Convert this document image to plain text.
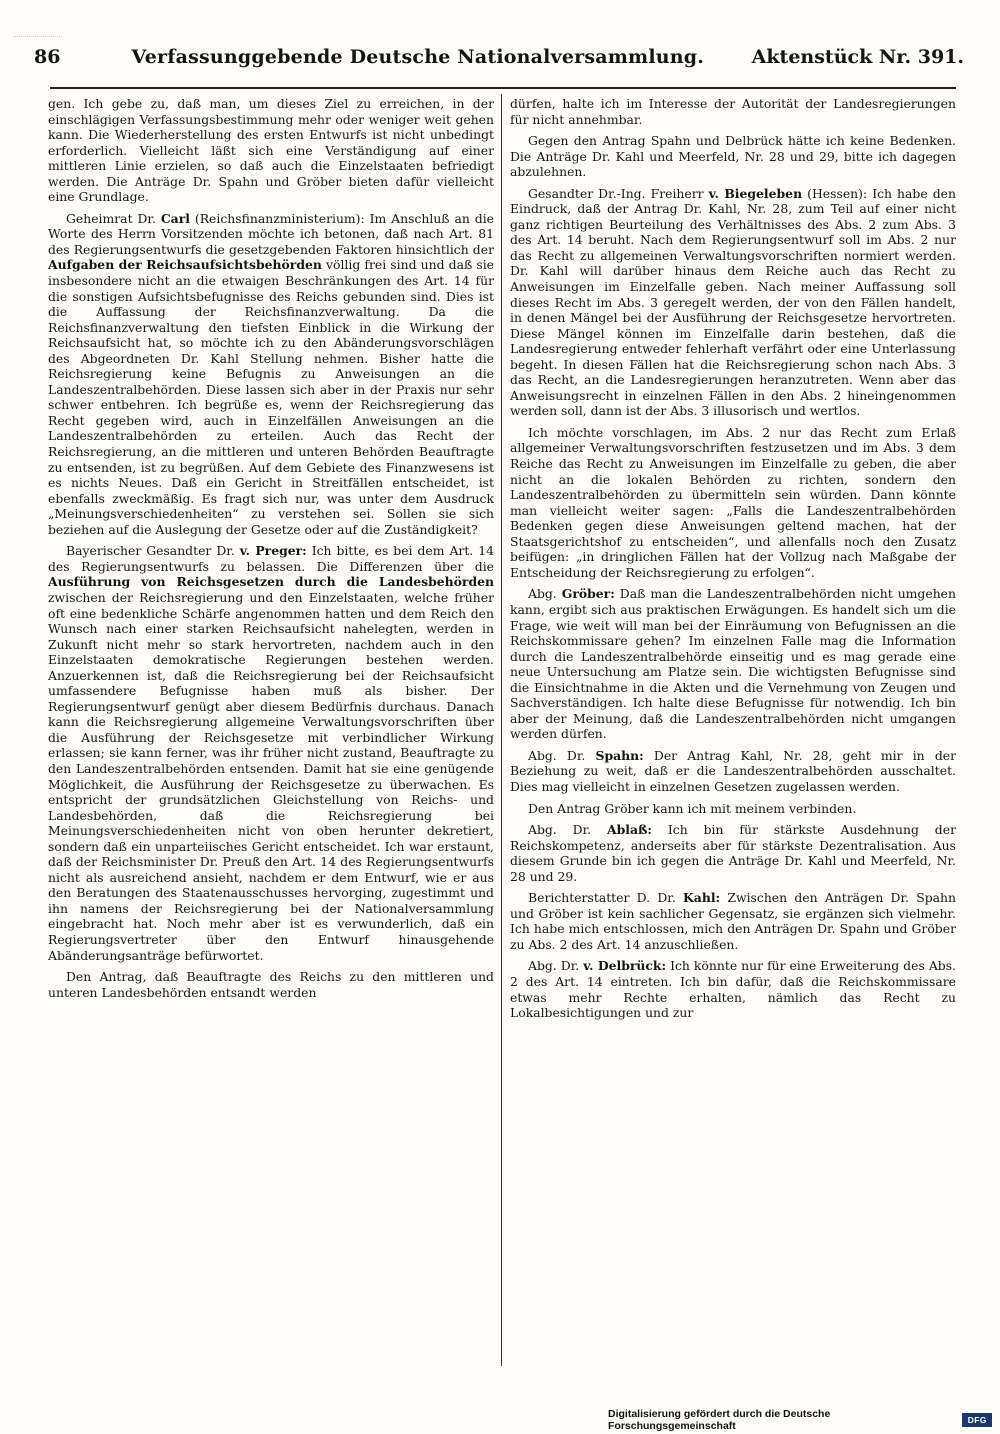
86	Verfassunggebende Deutsche Nationalversammlung.	Aktenstück Nr. 391.

gen. Ich gebe zu, daß man, um dieses Ziel zu erreichen, in der einschlägigen Verfassungsbestimmung mehr oder weniger weit gehen kann. Die Wiederherstellung des ersten Entwurfs ist nicht unbedingt erforderlich. Vielleicht läßt sich eine Verständigung auf einer mittleren Linie erzielen, so daß auch die Einzelstaaten befriedigt werden. Die Anträge Dr. Spahn und Gröber bieten dafür vielleicht eine Grundlage.

Geheimrat Dr. Carl (Reichsfinanzministerium): Im Anschluß an die Worte des Herrn Vorsitzenden möchte ich betonen, daß nach Art. 81 des Regierungsentwurfs die gesetzgebenden Faktoren hinsichtlich der Aufgaben der Reichsaufsichtsbehörden völlig frei sind und daß sie insbesondere nicht an die etwaigen Beschränkungen des Art. 14 für die sonstigen Aufsichtsbefugnisse des Reichs gebunden sind. Dies ist die Auffassung der Reichsfinanzverwaltung. Da die Reichsfinanzverwaltung den tiefsten Einblick in die Wirkung der Reichsaufsicht hat, so möchte ich zu den Abänderungsvorschlägen des Abgeordneten Dr. Kahl Stellung nehmen. Bisher hatte die Reichsregierung keine Befugnis zu Anweisungen an die Landeszentralbehörden. Diese lassen sich aber in der Praxis nur sehr schwer entbehren. Ich begrüße es, wenn der Reichsregierung das Recht gegeben wird, auch in Einzelfällen Anweisungen an die Landeszentralbehörden zu erteilen. Auch das Recht der Reichsregierung, an die mittleren und unteren Behörden Beauftragte zu entsenden, ist zu begrüßen. Auf dem Gebiete des Finanzwesens ist es nichts Neues. Daß ein Gericht in Streitfällen entscheidet, ist ebenfalls zweckmäßig. Es fragt sich nur, was unter dem Ausdruck „Meinungsverschiedenheiten“ zu verstehen sei. Sollen sie sich beziehen auf die Auslegung der Gesetze oder auf die Zuständigkeit?

Bayerischer Gesandter Dr. v. Preger: Ich bitte, es bei dem Art. 14 des Regierungsentwurfs zu belassen. Die Differenzen über die Ausführung von Reichsgesetzen durch die Landesbehörden zwischen der Reichsregierung und den Einzelstaaten, welche früher oft eine bedenkliche Schärfe angenommen hatten und dem Reich den Wunsch nach einer starken Reichsaufsicht nahelegten, werden in Zukunft nicht mehr so stark hervortreten, nachdem auch in den Einzelstaaten demokratische Regierungen bestehen werden. Anzuerkennen ist, daß die Reichsregierung bei der Reichsaufsicht umfassendere Befugnisse haben muß als bisher. Der Regierungsentwurf genügt aber diesem Bedürfnis durchaus. Danach kann die Reichsregierung allgemeine Verwaltungsvorschriften über die Ausführung der Reichsgesetze mit verbindlicher Wirkung erlassen; sie kann ferner, was ihr früher nicht zustand, Beauftragte zu den Landeszentralbehörden entsenden. Damit hat sie eine genügende Möglichkeit, die Ausführung der Reichsgesetze zu überwachen. Es entspricht der grundsätzlichen Gleichstellung von Reichs- und Landesbehörden, daß die Reichsregierung bei Meinungsverschiedenheiten nicht von oben herunter dekretiert, sondern daß ein unparteiisches Gericht entscheidet. Ich war erstaunt, daß der Reichsminister Dr. Preuß den Art. 14 des Regierungsentwurfs nicht als ausreichend ansieht, nachdem er dem Entwurf, wie er aus den Beratungen des Staatenausschusses hervorging, zugestimmt und ihn namens der Reichsregierung bei der Nationalversammlung eingebracht hat. Noch mehr aber ist es verwunderlich, daß ein Regierungsvertreter über den Entwurf hinausgehende Abänderungsanträge befürwortet.

Den Antrag, daß Beauftragte des Reichs zu den mittleren und unteren Landesbehörden entsandt werden

dürfen, halte ich im Interesse der Autorität der Landesregierungen für nicht annehmbar.

Gegen den Antrag Spahn und Delbrück hätte ich keine Bedenken. Die Anträge Dr. Kahl und Meerfeld, Nr. 28 und 29, bitte ich dagegen abzulehnen.

Gesandter Dr.-Ing. Freiherr v. Biegeleben (Hessen): Ich habe den Eindruck, daß der Antrag Dr. Kahl, Nr. 28, zum Teil auf einer nicht ganz richtigen Beurteilung des Verhältnisses des Abs. 2 zum Abs. 3 des Art. 14 beruht. Nach dem Regierungsentwurf soll im Abs. 2 nur das Recht zu allgemeinen Verwaltungsvorschriften normiert werden. Dr. Kahl will darüber hinaus dem Reiche auch das Recht zu Anweisungen im Einzelfalle geben. Nach meiner Auffassung soll dieses Recht im Abs. 3 geregelt werden, der von den Fällen handelt, in denen Mängel bei der Ausführung der Reichsgesetze hervortreten. Diese Mängel können im Einzelfalle darin bestehen, daß die Landesregierung entweder fehlerhaft verfährt oder eine Unterlassung begeht. In diesen Fällen hat die Reichsregierung schon nach Abs. 3 das Recht, an die Landesregierungen heranzutreten. Wenn aber das Anweisungsrecht in einzelnen Fällen in den Abs. 2 hineingenommen werden soll, dann ist der Abs. 3 illusorisch und wertlos.

Ich möchte vorschlagen, im Abs. 2 nur das Recht zum Erlaß allgemeiner Verwaltungsvorschriften festzusetzen und im Abs. 3 dem Reiche das Recht zu Anweisungen im Einzelfalle zu geben, die aber nicht an die lokalen Behörden zu richten, sondern den Landeszentralbehörden zu übermitteln sein würden. Dann könnte man vielleicht weiter sagen: „Falls die Landeszentralbehörden Bedenken gegen diese Anweisungen geltend machen, hat der Staatsgerichtshof zu entscheiden“, und allenfalls noch den Zusatz beifügen: „in dringlichen Fällen hat der Vollzug nach Maßgabe der Entscheidung der Reichsregierung zu erfolgen“.

Abg. Gröber: Daß man die Landeszentralbehörden nicht umgehen kann, ergibt sich aus praktischen Erwägungen. Es handelt sich um die Frage, wie weit will man bei der Einräumung von Befugnissen an die Reichskommissare gehen? Im einzelnen Falle mag die Information durch die Landeszentralbehörde einseitig und es mag gerade eine neue Untersuchung am Platze sein. Die wichtigsten Befugnisse sind die Einsichtnahme in die Akten und die Vernehmung von Zeugen und Sachverständigen. Ich halte diese Befugnisse für notwendig. Ich bin aber der Meinung, daß die Landeszentralbehörden nicht umgangen werden dürfen.

Abg. Dr. Spahn: Der Antrag Kahl, Nr. 28, geht mir in der Beziehung zu weit, daß er die Landeszentralbehörden ausschaltet. Dies mag vielleicht in einzelnen Gesetzen zugelassen werden.

Den Antrag Gröber kann ich mit meinem verbinden.

Abg. Dr. Ablaß: Ich bin für stärkste Ausdehnung der Reichskompetenz, anderseits aber für stärkste Dezentralisation. Aus diesem Grunde bin ich gegen die Anträge Dr. Kahl und Meerfeld, Nr. 28 und 29.

Berichterstatter D. Dr. Kahl: Zwischen den Anträgen Dr. Spahn und Gröber ist kein sachlicher Gegensatz, sie ergänzen sich vielmehr. Ich habe mich entschlossen, mich den Anträgen Dr. Spahn und Gröber zu Abs. 2 des Art. 14 anzuschließen.

Abg. Dr. v. Delbrück: Ich könnte nur für eine Erweiterung des Abs. 2 des Art. 14 eintreten. Ich bin dafür, daß die Reichskommissare etwas mehr Rechte erhalten, nämlich das Recht zu Lokalbesichtigungen und zur

Digitalisierung gefördert durch die Deutsche Forschungsgemeinschaft	DFG
